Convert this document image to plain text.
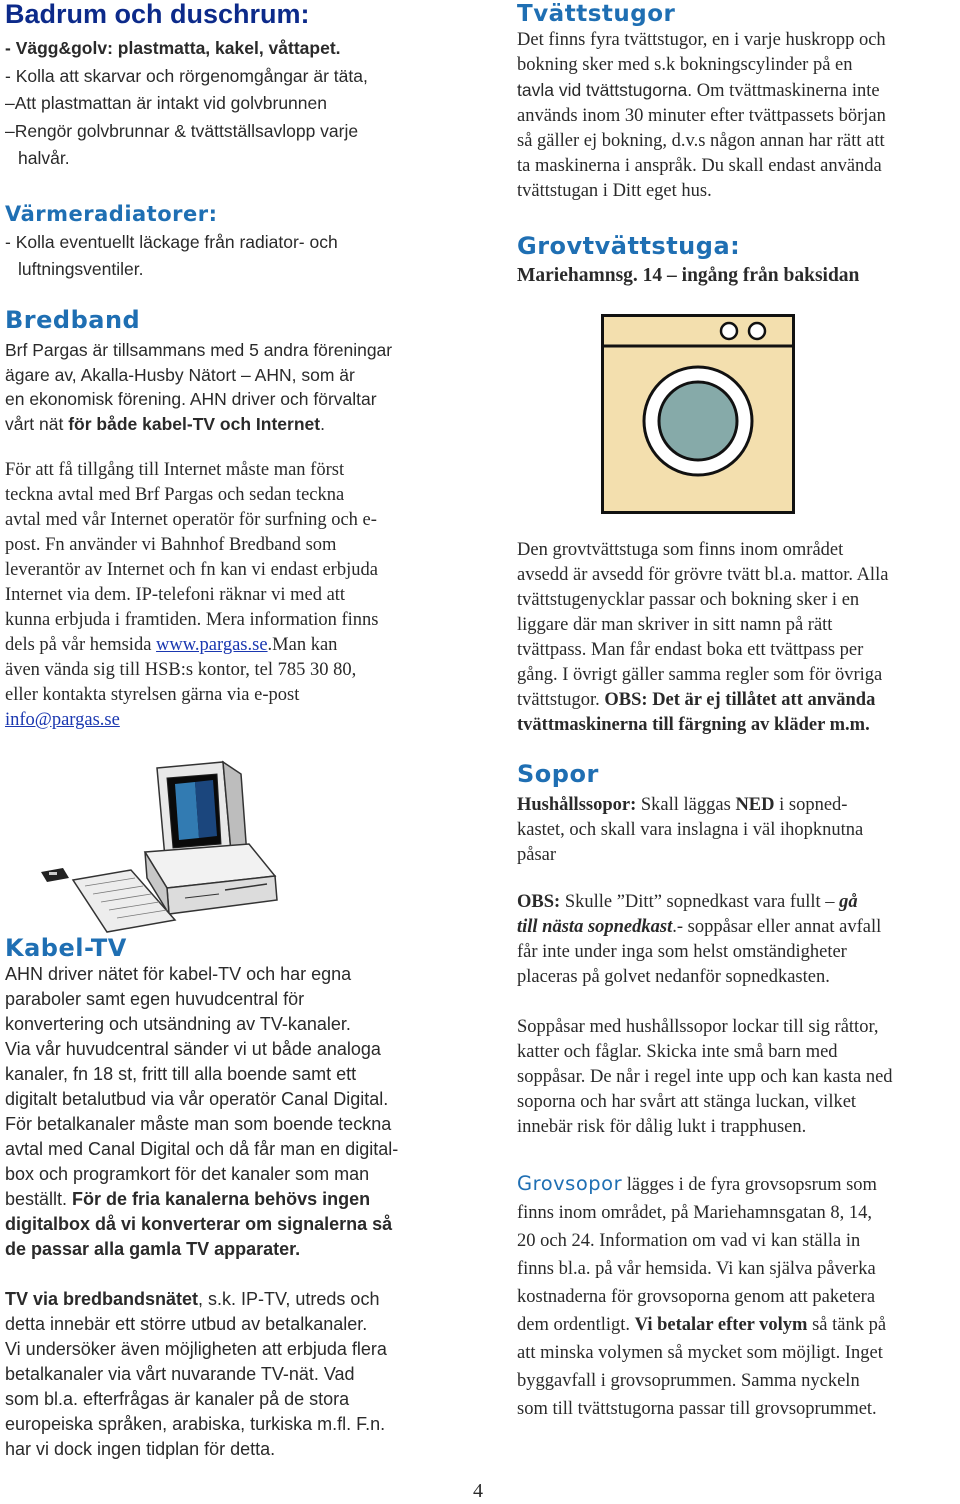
Badrum och duschrum:

- Vägg&golv: plastmatta, kakel, våttapet.

- Kolla att skarvar och rörgenomgångar är täta,

–Att plastmattan är intakt vid golvbrunnen

–Rengör golvbrunnar & tvättställsavlopp varje

halvår.

Värmeradiatorer:

- Kolla eventuellt läckage från radiator- och

luftningsventiler.

Bredband
Brf Pargas är tillsammans med 5 andra föreningar
ägare av, Akalla-Husby Nätort – AHN, som är
en ekonomisk förening. AHN driver och förvaltar
vårt nät för både kabel-TV och Internet.

För att få tillgång till Internet måste man först

teckna avtal med Brf Pargas och sedan teckna

avtal med vår Internet operatör för surfning och e-

post. Fn använder vi Bahnhof Bredband som

leverantör av Internet och fn kan vi endast erbjuda

Internet via dem. IP-telefoni räknar vi med att

kunna erbjuda i framtiden. Mera information finns

dels på vår hemsida www.pargas.se.Man kan

även vända sig till HSB:s kontor, tel 785 30 80,

eller kontakta styrelsen gärna via e-post

info@pargas.se

Kabel-TV
AHN driver nätet för kabel-TV och har egna
paraboler samt egen huvudcentral för
konvertering och utsändning av TV-kanaler.
Via vår huvudcentral sänder vi ut både analoga
kanaler, fn 18 st, fritt till alla boende samt ett
digitalt betalutbud via vår operatör Canal Digital.
För betalkanaler måste man som boende teckna
avtal med Canal Digital och då får man en digital-
box och programkort för det kanaler som man
beställt. För de fria kanalerna behövs ingen
digitalbox då vi konverterar om signalerna så
de passar alla gamla TV apparater.
TV via bredbandsnätet, s.k. IP-TV, utreds och
detta innebär ett större utbud av betalkanaler.
Vi undersöker även möjligheten att erbjuda flera
betalkanaler via vårt nuvarande TV-nät. Vad
som bl.a. efterfrågas är kanaler på de stora
europeiska språken, arabiska, turkiska m.fl. F.n.
har vi dock ingen tidplan för detta.
Tvättstugor

Det finns fyra tvättstugor, en i varje huskropp och

bokning sker med s.k bokningscylinder på en

tavla vid tvättstugorna. Om tvättmaskinerna inte

används inom 30 minuter efter tvättpassets början

så gäller ej bokning, d.v.s någon annan har rätt att

ta maskinerna i anspråk. Du skall endast använda

tvättstugan i Ditt eget hus.

Grovtvättstuga:

Mariehamnsg. 14 – ingång från baksidan

Den grovtvättstuga som finns inom området

avsedd är avsedd för grövre tvätt bl.a. mattor. Alla

tvättstugenycklar passar och bokning sker i en

liggare där man skriver in sitt namn på rätt

tvättpass. Man får endast boka ett tvättpass per

gång. I övrigt gäller samma regler som för övriga

tvättstugor. OBS: Det är ej tillåtet att använda

tvättmaskinerna till färgning av kläder m.m.

Sopor

Hushållssopor: Skall läggas NED i sopned-

kastet, och skall vara inslagna i väl ihopknutna

påsar

OBS: Skulle ”Ditt” sopnedkast vara fullt – gå

till nästa sopnedkast.- soppåsar eller annat avfall

får inte under inga som helst omständigheter

placeras på golvet nedanför sopnedkasten.

Soppåsar med hushållssopor lockar till sig råttor,

katter och fåglar. Skicka inte små barn med

soppåsar. De når i regel inte upp och kan kasta ned

soporna och har svårt att stänga luckan, vilket

innebär risk för dålig lukt i trapphusen.

Grovsopor lägges i de fyra grovsopsrum som

finns inom området, på Mariehamnsgatan 8, 14,

20 och 24. Information om vad vi kan ställa in

finns bl.a. på vår hemsida. Vi kan själva påverka

kostnaderna för grovsoporna genom att paketera

dem ordentligt. Vi betalar efter volym så tänk på

att minska volymen så mycket som möjligt. Inget

byggavfall i grovsoprummen. Samma nyckeln

som till tvättstugorna passar till grovsoprummet.

4
